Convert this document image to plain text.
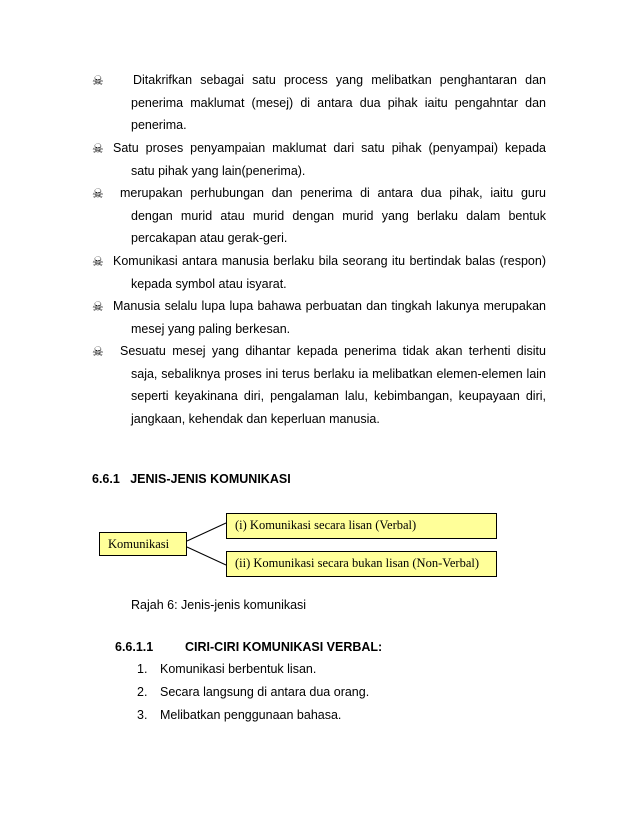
☠ Ditakrifkan sebagai satu process yang melibatkan penghantaran dan
penerima maklumat (mesej) di antara dua pihak iaitu pengahntar dan
penerima.
☠ Satu proses penyampaian maklumat dari satu pihak (penyampai) kepada
satu pihak yang lain(penerima).
☠ merupakan perhubungan dan penerima di antara dua pihak, iaitu guru
dengan murid atau murid dengan murid yang berlaku dalam bentuk
percakapan atau gerak-geri.
☠ Komunikasi antara manusia berlaku bila seorang itu bertindak balas (respon)
kepada symbol atau isyarat.
☠ Manusia selalu lupa lupa bahawa perbuatan dan tingkah lakunya merupakan
mesej yang paling berkesan.
☠ Sesuatu mesej yang dihantar kepada penerima tidak akan terhenti disitu
saja, sebaliknya proses ini terus berlaku ia melibatkan elemen-elemen lain
seperti keyakinana diri, pengalaman lalu, kebimbangan, keupayaan diri,
jangkaan, kehendak dan keperluan manusia.
6.6.1   JENIS-JENIS KOMUNIKASI
Komunikasi
(i) Komunikasi secara lisan (Verbal)
(ii) Komunikasi secara bukan lisan (Non-Verbal)
Rajah 6: Jenis-jenis komunikasi
6.6.1.1	CIRI-CIRI KOMUNIKASI VERBAL:
1. Komunikasi berbentuk lisan.
2. Secara langsung di antara dua orang.
3. Melibatkan penggunaan bahasa.
